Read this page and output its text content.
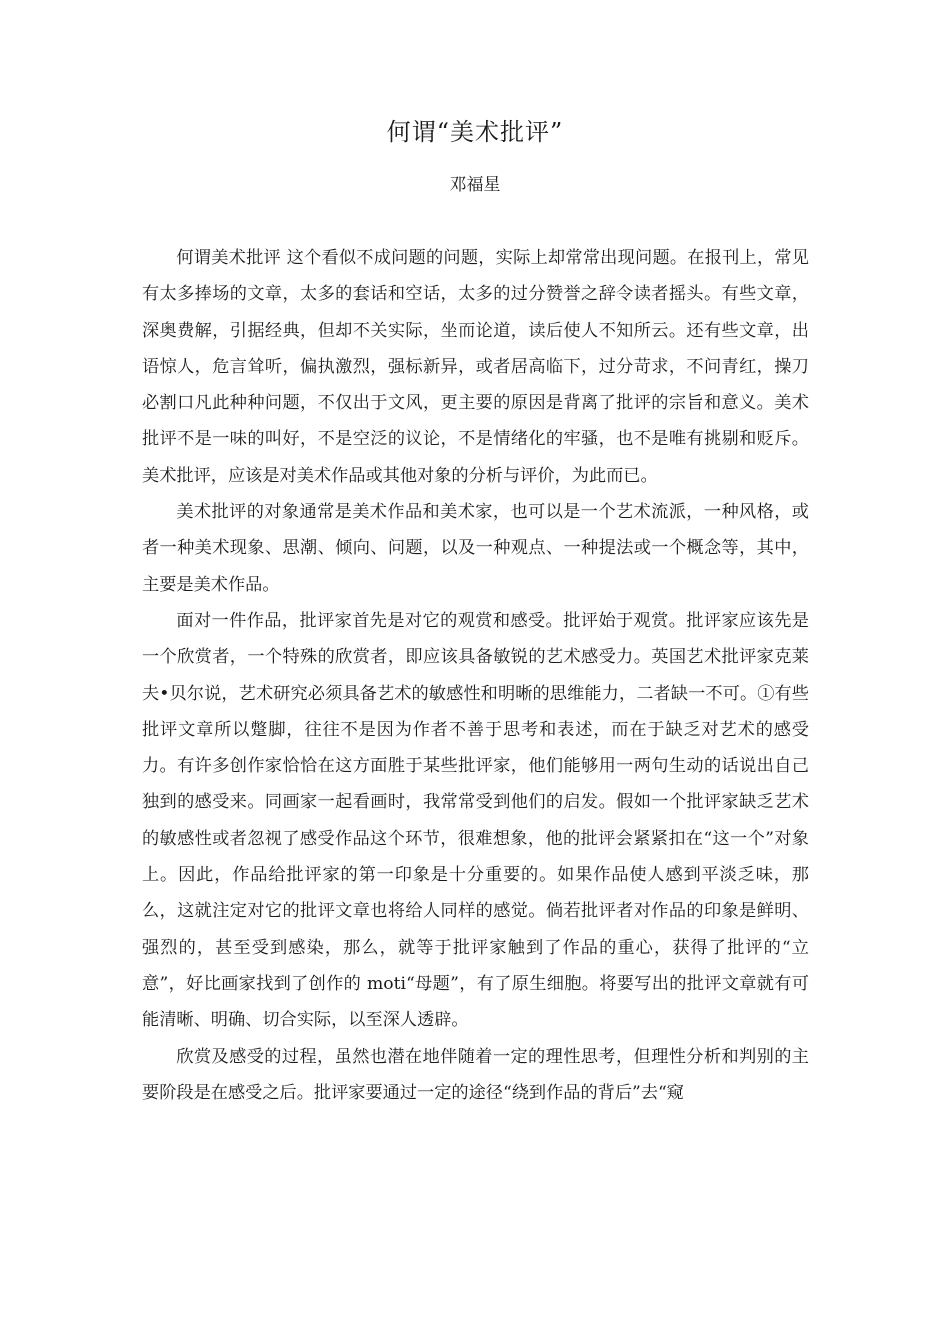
何谓“美术批评”
邓福星

何谓美术批评 这个看似不成问题的问题，实际上却常常出现问题。在报刊上，常见有太多捧场的文章，太多的套话和空话，太多的过分赞誉之辞令读者摇头。有些文章，深奥费解，引据经典，但却不关实际，坐而论道，读后使人不知所云。还有些文章，出语惊人，危言耸听，偏执激烈，强标新异，或者居高临下，过分苛求，不问青红，操刀必割口凡此种种问题，不仅出于文风，更主要的原因是背离了批评的宗旨和意义。美术批评不是一味的叫好，不是空泛的议论，不是情绪化的牢骚，也不是唯有挑剔和贬斥。美术批评，应该是对美术作品或其他对象的分析与评价，为此而已。

美术批评的对象通常是美术作品和美术家，也可以是一个艺术流派，一种风格，或者一种美术现象、思潮、倾向、问题，以及一种观点、一种提法或一个概念等，其中，主要是美术作品。

面对一件作品，批评家首先是对它的观赏和感受。批评始于观赏。批评家应该先是一个欣赏者，一个特殊的欣赏者，即应该具备敏锐的艺术感受力。英国艺术批评家克莱夫•贝尔说，艺术研究必须具备艺术的敏感性和明晰的思维能力，二者缺一不可。①有些批评文章所以蹩脚，往往不是因为作者不善于思考和表述，而在于缺乏对艺术的感受力。有许多创作家恰恰在这方面胜于某些批评家，他们能够用一两句生动的话说出自己独到的感受来。同画家一起看画时，我常常受到他们的启发。假如一个批评家缺乏艺术的敏感性或者忽视了感受作品这个环节，很难想象，他的批评会紧紧扣在“这一个”对象上。因此，作品给批评家的第一印象是十分重要的。如果作品使人感到平淡乏味，那么，这就注定对它的批评文章也将给人同样的感觉。倘若批评者对作品的印象是鲜明、强烈的，甚至受到感染，那么，就等于批评家触到了作品的重心，获得了批评的“立意”，好比画家找到了创作的 moti“母题”，有了原生细胞。将要写出的批评文章就有可能清晰、明确、切合实际，以至深人透辟。

欣赏及感受的过程，虽然也潜在地伴随着一定的理性思考，但理性分析和判别的主要阶段是在感受之后。批评家要通过一定的途径“绕到作品的背后”去“窥
